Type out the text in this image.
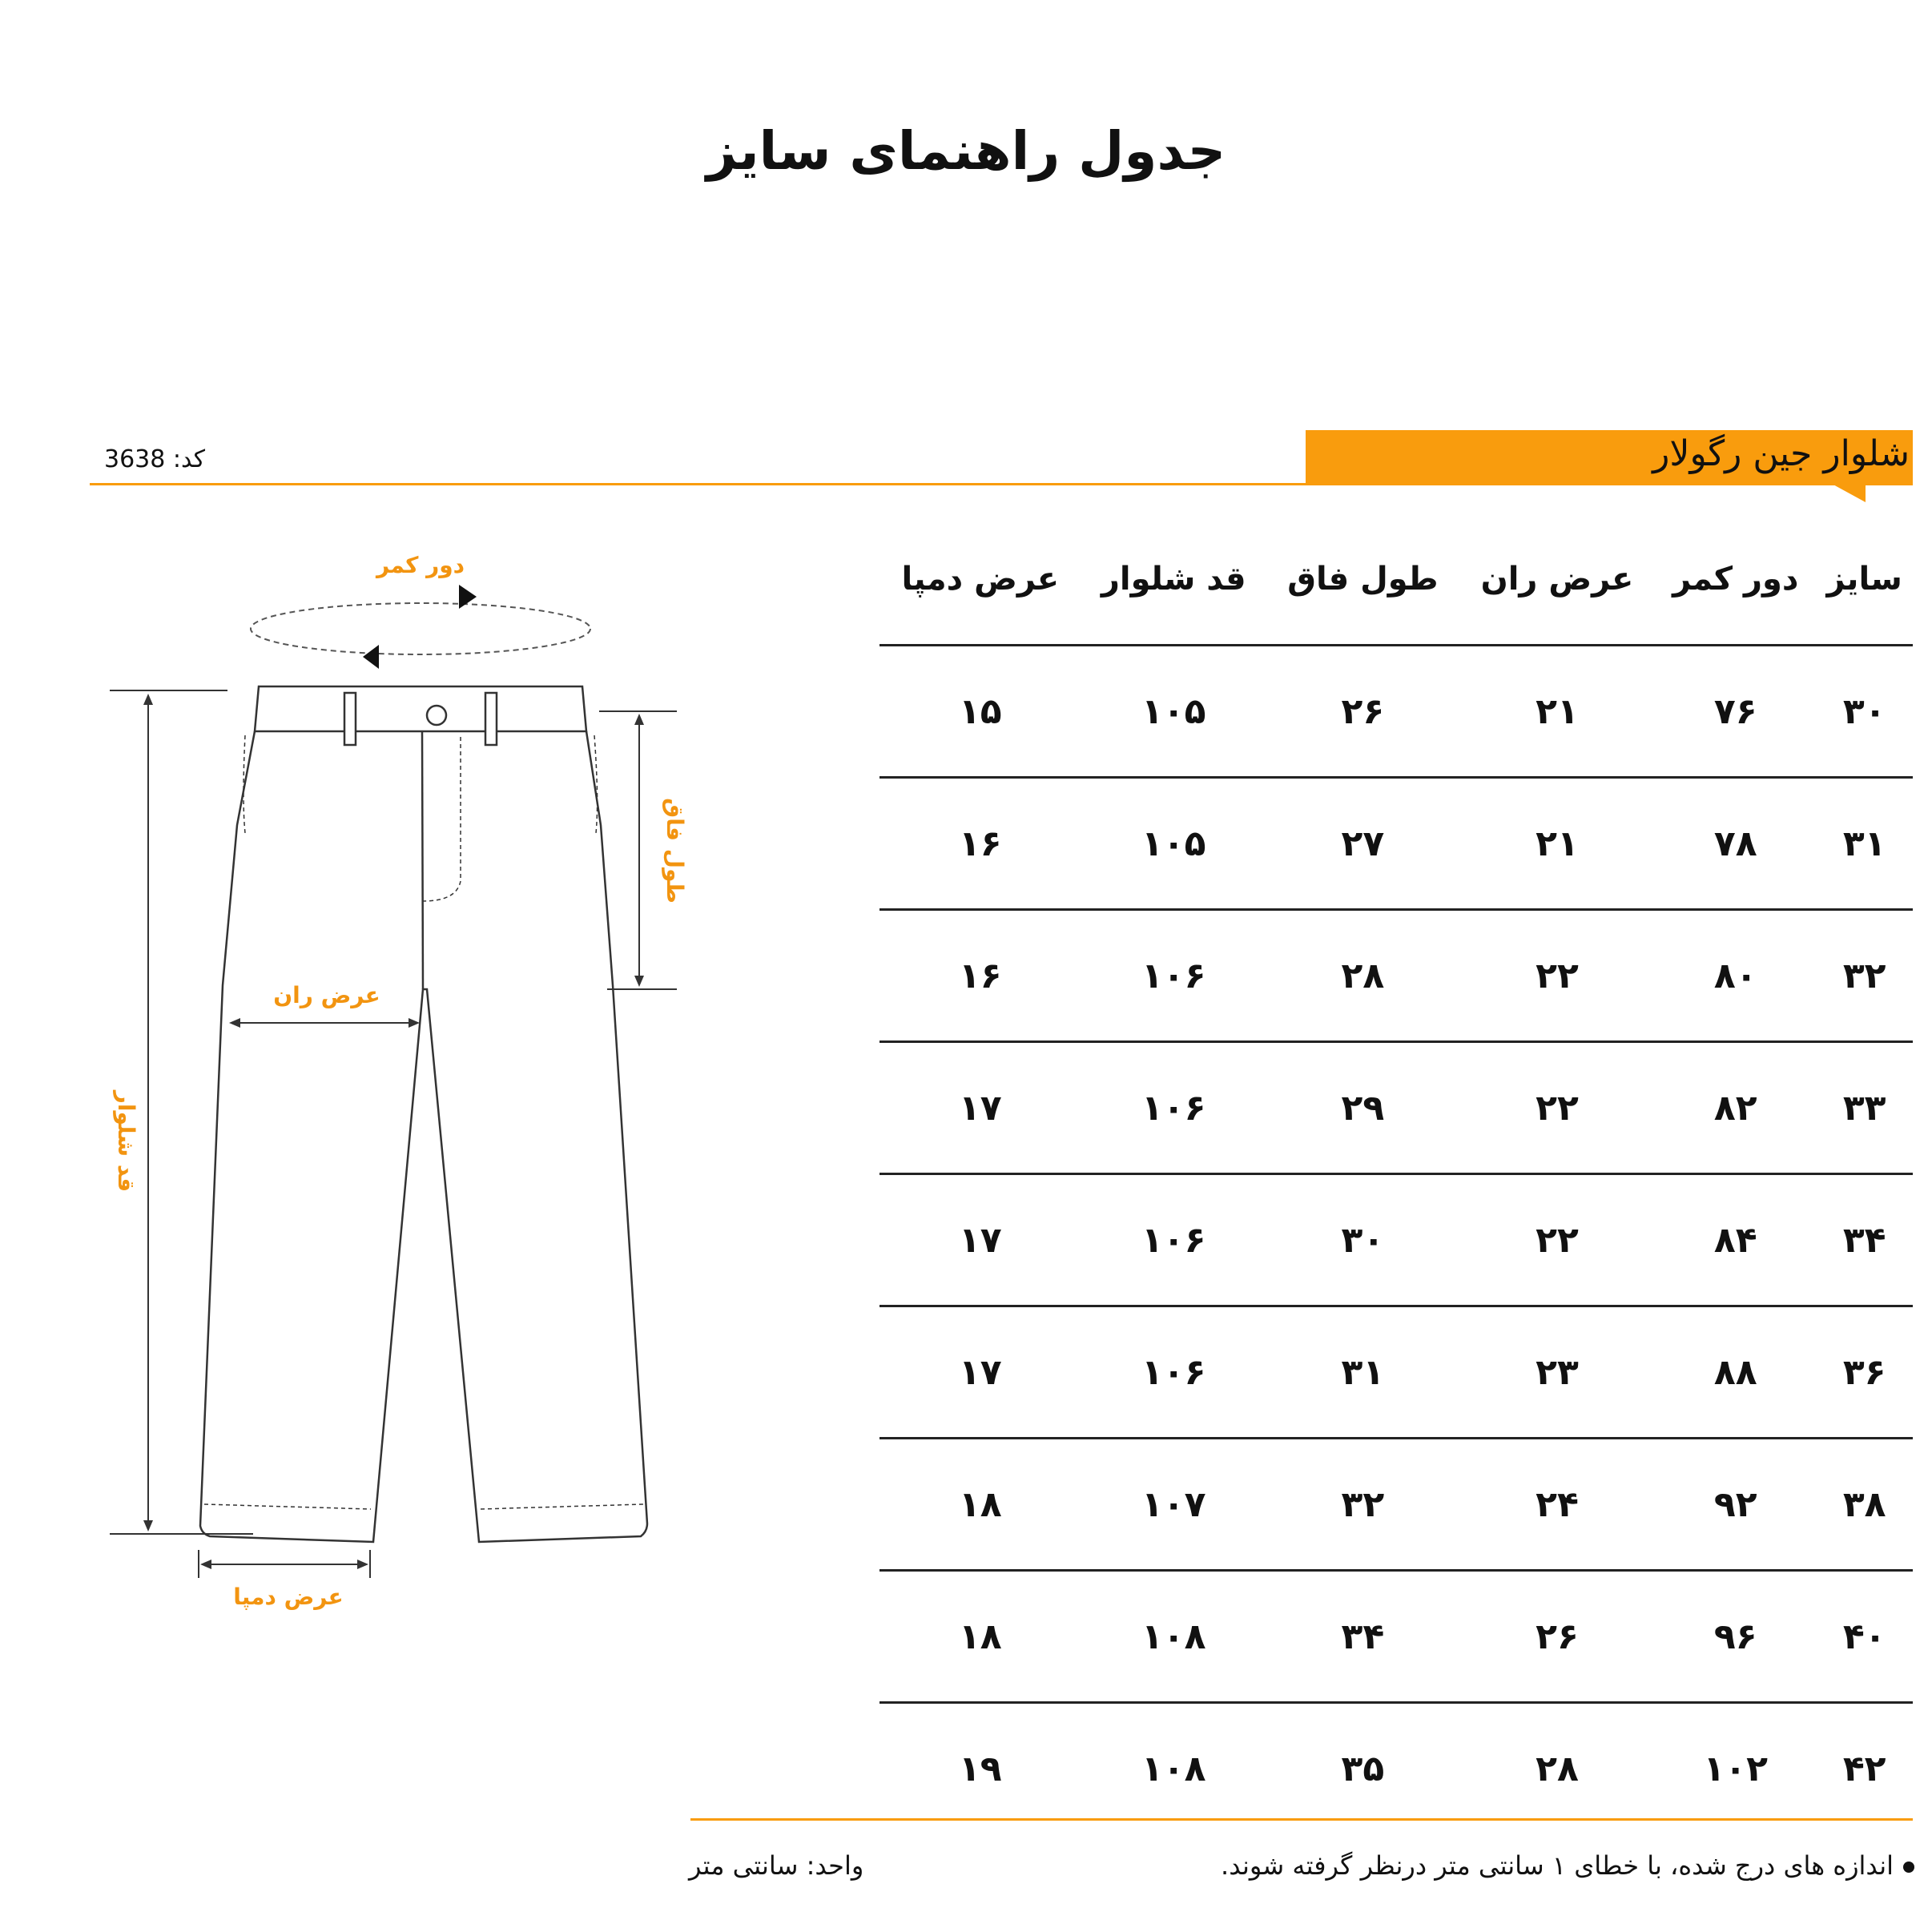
جدول راهنمای سایز
شلوار جین رگولار
کد: 3638
سایز	دور کمر	عرض ران	طول فاق	قد شلوار	عرض دمپا
۳۰	۷۶	۲۱	۲۶	۱۰۵	۱۵
۳۱	۷۸	۲۱	۲۷	۱۰۵	۱۶
۳۲	۸۰	۲۲	۲۸	۱۰۶	۱۶
۳۳	۸۲	۲۲	۲۹	۱۰۶	۱۷
۳۴	۸۴	۲۲	۳۰	۱۰۶	۱۷
۳۶	۸۸	۲۳	۳۱	۱۰۶	۱۷
۳۸	۹۲	۲۴	۳۲	۱۰۷	۱۸
۴۰	۹۶	۲۶	۳۴	۱۰۸	۱۸
۴۲	۱۰۲	۲۸	۳۵	۱۰۸	۱۹
دور کمر
قد شلوار
طول فاق
عرض ران
عرض دمپا
اندازه های درج شده، با خطای ۱ سانتی متر درنظر گرفته شوند.
واحد: سانتی متر
